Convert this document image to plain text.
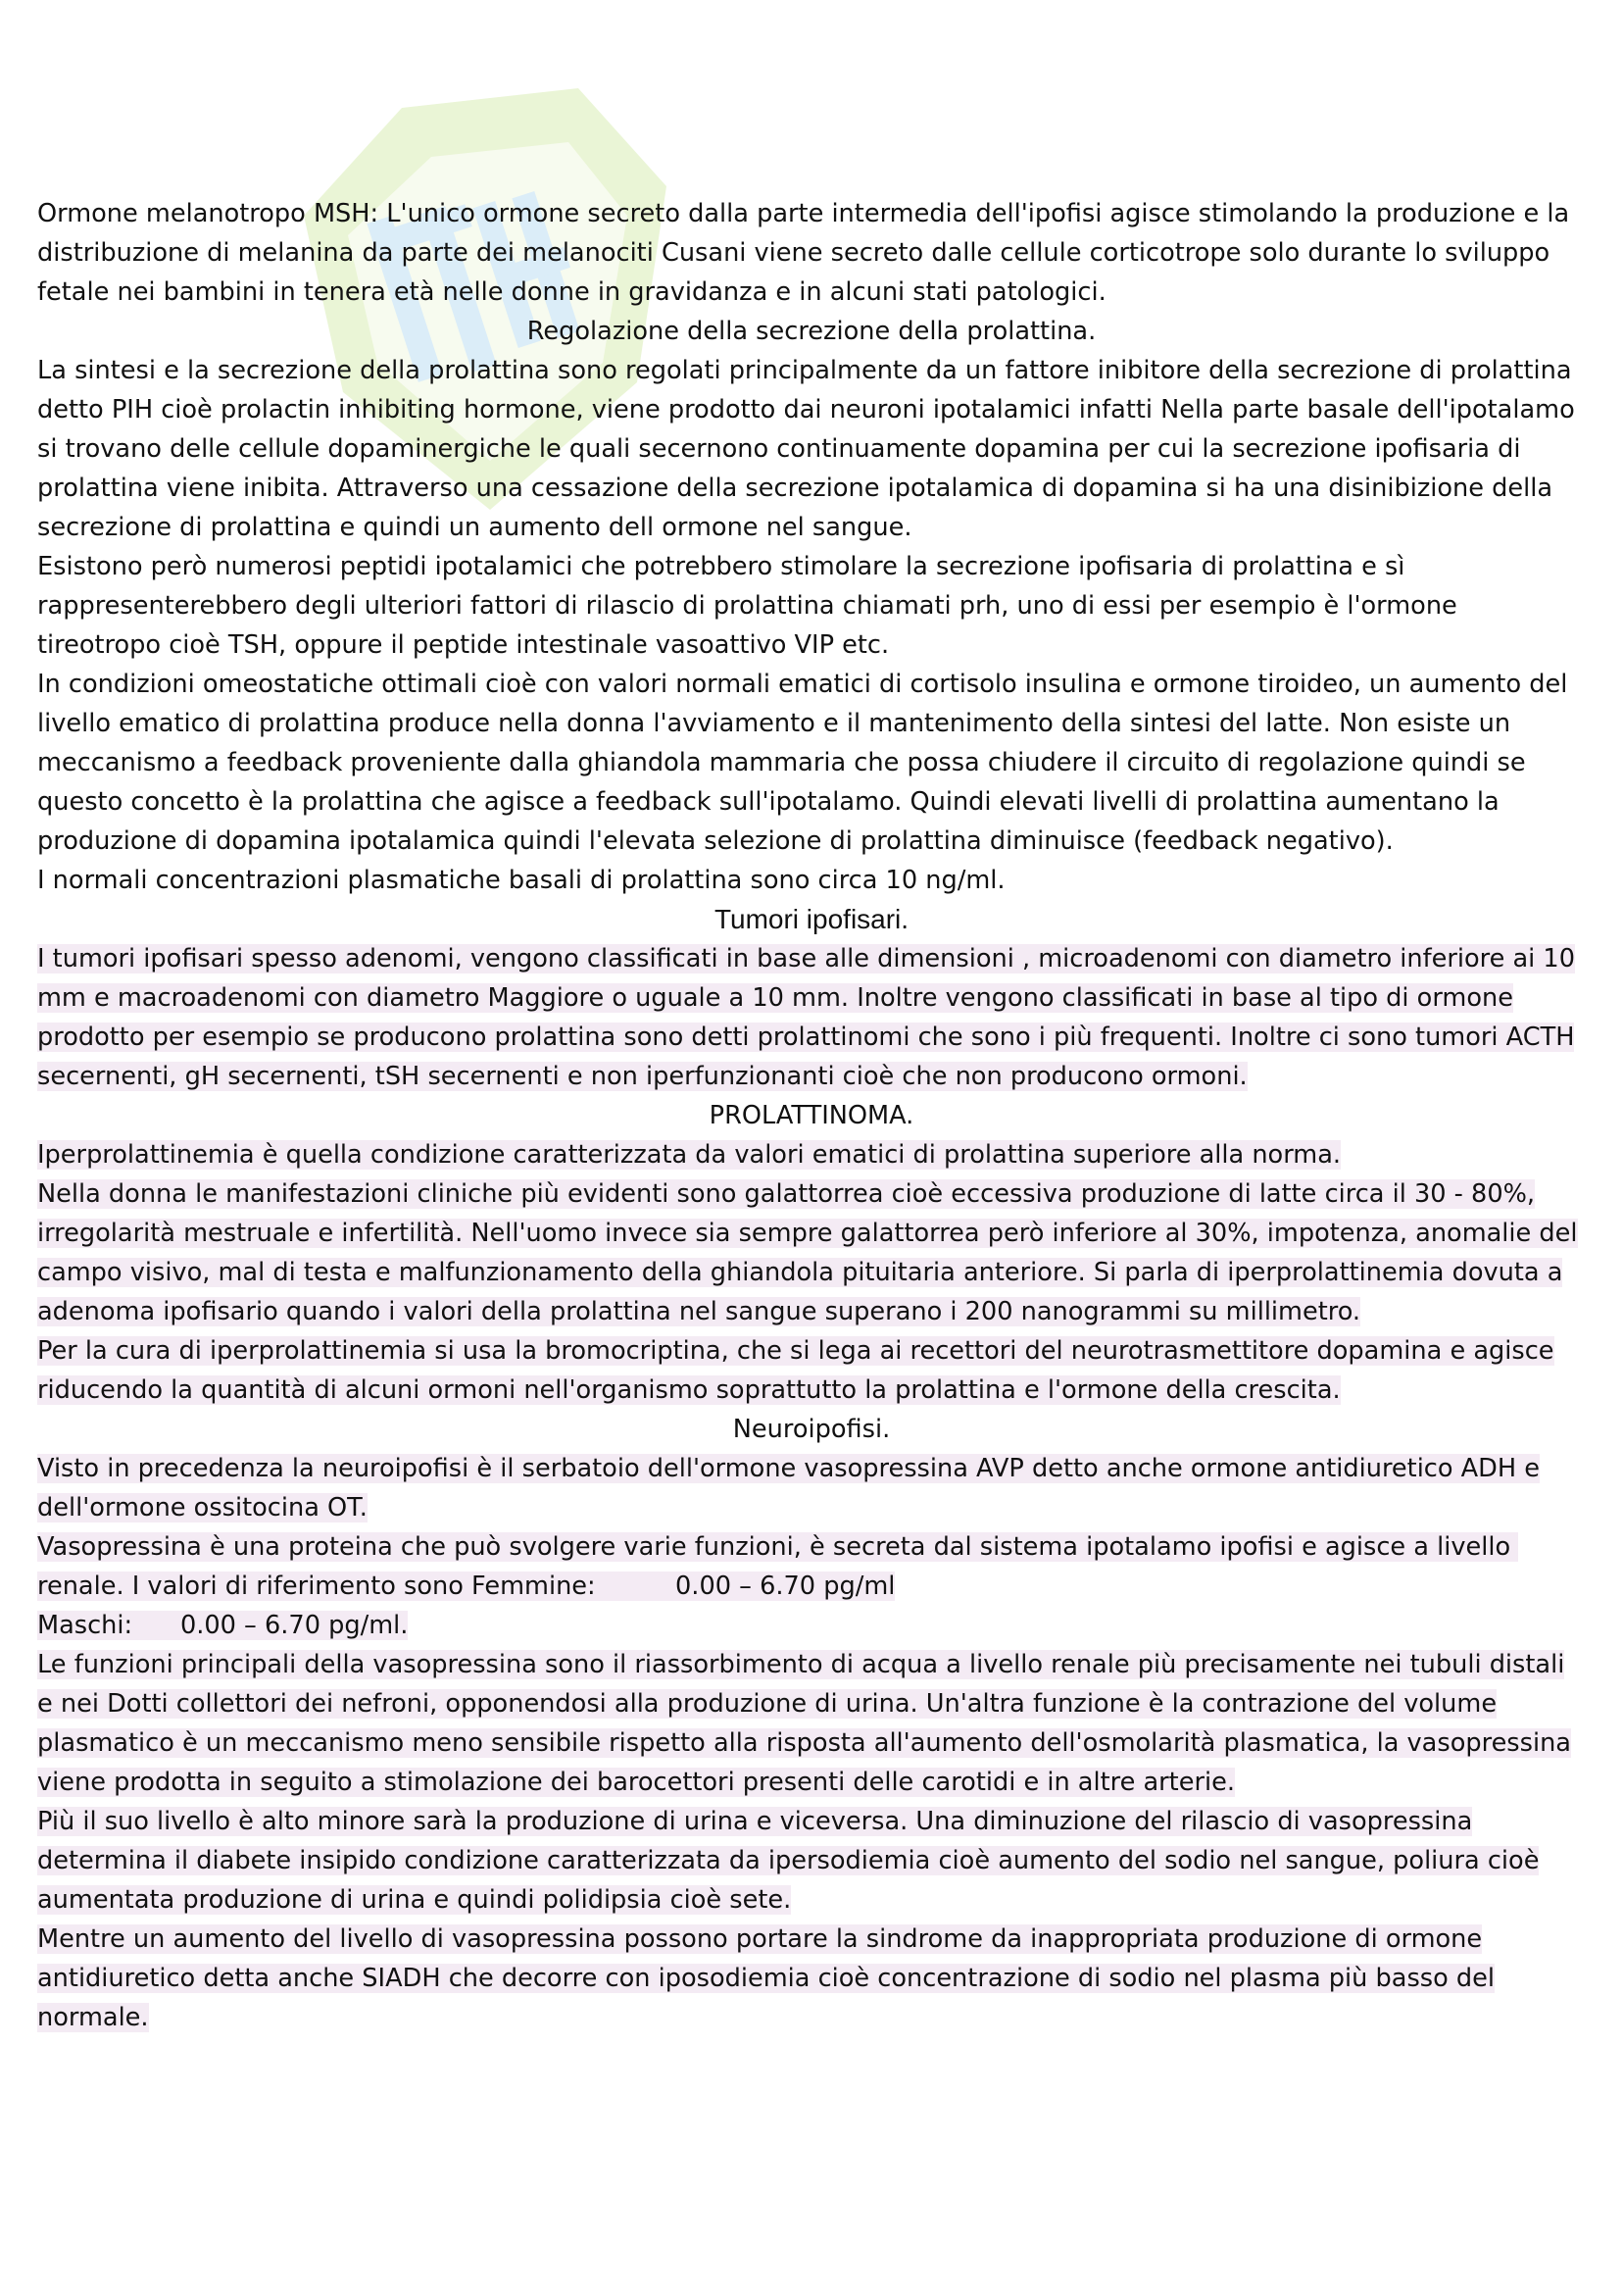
Ormone melanotropo MSH: L'unico ormone secreto dalla parte intermedia dell'ipofisi agisce stimolando la produzione e la distribuzione di melanina da parte dei melanociti Cusani viene secreto dalle cellule corticotrope solo durante lo sviluppo fetale nei bambini in tenera età nelle donne in gravidanza e in alcuni stati patologici.

Regolazione della secrezione della prolattina.

La sintesi e la secrezione della prolattina sono regolati principalmente da un fattore inibitore della secrezione di prolattina detto PIH cioè prolactin inhibiting hormone, viene prodotto dai neuroni ipotalamici infatti Nella parte basale dell'ipotalamo si trovano delle cellule dopaminergiche le quali secernono continuamente dopamina per cui la secrezione ipofisaria di prolattina viene inibita. Attraverso una cessazione della secrezione ipotalamica di dopamina si ha una disinibizione della secrezione di prolattina e quindi un aumento dell ormone nel sangue.

Esistono però numerosi peptidi ipotalamici che potrebbero stimolare la secrezione ipofisaria di prolattina e sì rappresenterebbero degli ulteriori fattori di rilascio di prolattina chiamati prh, uno di essi per esempio è l'ormone tireotropo cioè TSH, oppure il peptide intestinale vasoattivo VIP etc.

In condizioni omeostatiche ottimali cioè con valori normali ematici di cortisolo insulina e ormone tiroideo, un aumento del livello ematico di prolattina produce nella donna l'avviamento e il mantenimento della sintesi del latte. Non esiste un meccanismo a feedback proveniente dalla ghiandola mammaria che possa chiudere il circuito di regolazione quindi se questo concetto è la prolattina che agisce a feedback sull'ipotalamo. Quindi elevati livelli di prolattina aumentano la produzione di dopamina ipotalamica quindi l'elevata selezione di prolattina diminuisce (feedback negativo).

I normali concentrazioni plasmatiche basali di prolattina sono circa 10 ng/ml.

Tumori ipofisari.

I tumori ipofisari spesso adenomi, vengono classificati in base alle dimensioni , microadenomi con diametro inferiore ai 10 mm e macroadenomi con diametro Maggiore o uguale a 10 mm. Inoltre vengono classificati in base al tipo di ormone prodotto per esempio se producono prolattina sono detti prolattinomi che sono i più frequenti. Inoltre ci sono tumori ACTH secernenti, gH secernenti, tSH secernenti e non iperfunzionanti cioè che non producono ormoni.

PROLATTINOMA.

Iperprolattinemia è quella condizione caratterizzata da valori ematici di prolattina superiore alla norma.

Nella donna le manifestazioni cliniche più evidenti sono galattorrea cioè eccessiva produzione di latte circa il 30 - 80%, irregolarità mestruale e infertilità. Nell'uomo invece sia sempre galattorrea però inferiore al 30%, impotenza, anomalie del campo visivo, mal di testa e malfunzionamento della ghiandola pituitaria anteriore. Si parla di iperprolattinemia dovuta a adenoma ipofisario quando i valori della prolattina nel sangue superano i 200 nanogrammi su millimetro.

Per la cura di iperprolattinemia si usa la bromocriptina, che si lega ai recettori del neurotrasmettitore dopamina e agisce riducendo la quantità di alcuni ormoni nell'organismo soprattutto la prolattina e l'ormone della crescita.

Neuroipofisi.

Visto in precedenza la neuroipofisi è il serbatoio dell'ormone vasopressina AVP detto anche ormone antidiuretico ADH e dell'ormone ossitocina OT.

Vasopressina è una proteina che può svolgere varie funzioni, è secreta dal sistema ipotalamo ipofisi e agisce a livello renale. I valori di riferimento sono Femmine:          0.00 – 6.70 pg/ml

Maschi:      0.00 – 6.70 pg/ml.

Le funzioni principali della vasopressina sono il riassorbimento di acqua a livello renale più precisamente nei tubuli distali e nei Dotti collettori dei nefroni, opponendosi alla produzione di urina. Un'altra funzione è la contrazione del volume plasmatico è un meccanismo meno sensibile rispetto alla risposta all'aumento dell'osmolarità plasmatica, la vasopressina viene prodotta in seguito a stimolazione dei barocettori presenti delle carotidi e in altre arterie.

Più il suo livello è alto minore sarà la produzione di urina e viceversa. Una diminuzione del rilascio di vasopressina determina il diabete insipido condizione caratterizzata da ipersodiemia cioè aumento del sodio nel sangue, poliura cioè aumentata produzione di urina e quindi polidipsia cioè sete.

Mentre un aumento del livello di vasopressina possono portare la sindrome da inappropriata produzione di ormone antidiuretico detta anche SIADH che decorre con iposodiemia cioè concentrazione di sodio nel plasma più basso del normale.
